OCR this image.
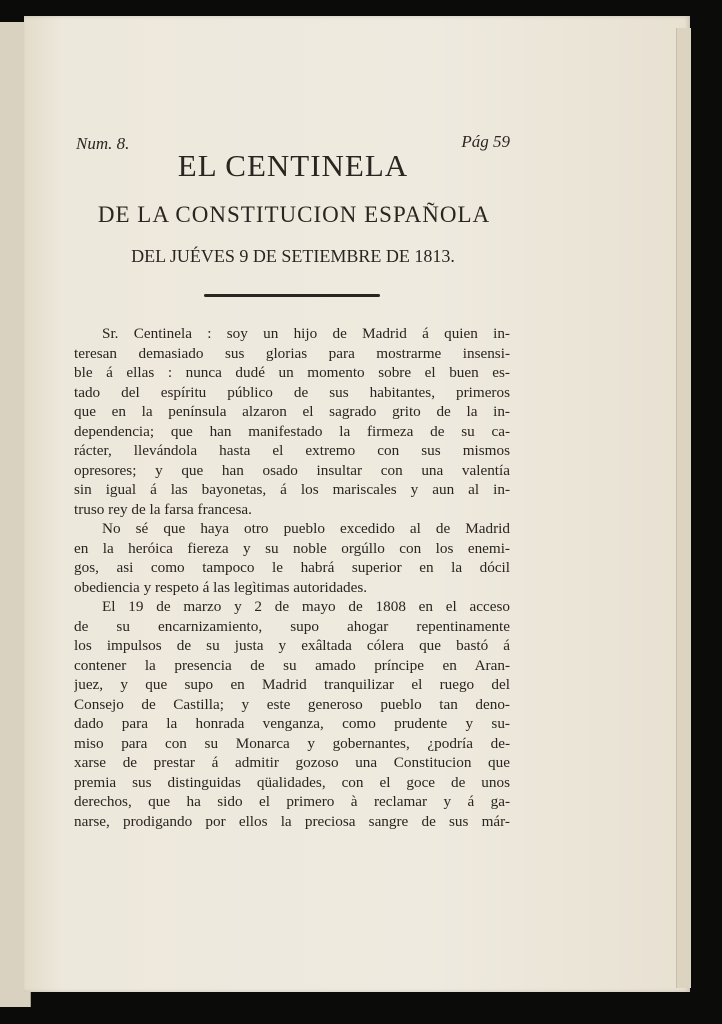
Num. 8.	Pág 59

EL CENTINELA
DE LA CONSTITUCION ESPAÑOLA

DEL JUÉVES 9 DE SETIEMBRE DE 1813.

Sr. Centinela : soy un hijo de Madrid á quien in-
teresan demasiado sus glorias para mostrarme insensi-
ble á ellas : nunca dudé un momento sobre el buen es-
tado del espíritu público de sus habitantes, primeros
que en la península alzaron el sagrado grito de la in-
dependencia; que han manifestado la firmeza de su ca-
rácter, llevándola hasta el extremo con sus mismos
opresores; y que han osado insultar con una valentía
sin igual á las bayonetas, á los mariscales y aun al in-
truso rey de la farsa francesa.
No sé que haya otro pueblo excedido al de Madrid
en la heróica fiereza y su noble orgúllo con los enemi-
gos, asi como tampoco le habrá superior en la dócil
obediencia y respeto á las legìtimas autoridades.
El 19 de marzo y 2 de mayo de 1808 en el acceso
de su encarnizamiento, supo ahogar repentinamente
los impulsos de su justa y exâltada cólera que bastó á
contener la presencia de su amado príncipe en Aran-
juez, y que supo en Madrid tranquilizar el ruego del
Consejo de Castilla; y este generoso pueblo tan deno-
dado para la honrada venganza, como prudente y su-
miso para con su Monarca y gobernantes, ¿podría de-
xarse de prestar á admitir gozoso una Constitucion que
premia sus distinguidas qüalidades, con el goce de unos
derechos, que ha sido el primero à reclamar y á ga-
narse, prodigando por ellos la preciosa sangre de sus már-
